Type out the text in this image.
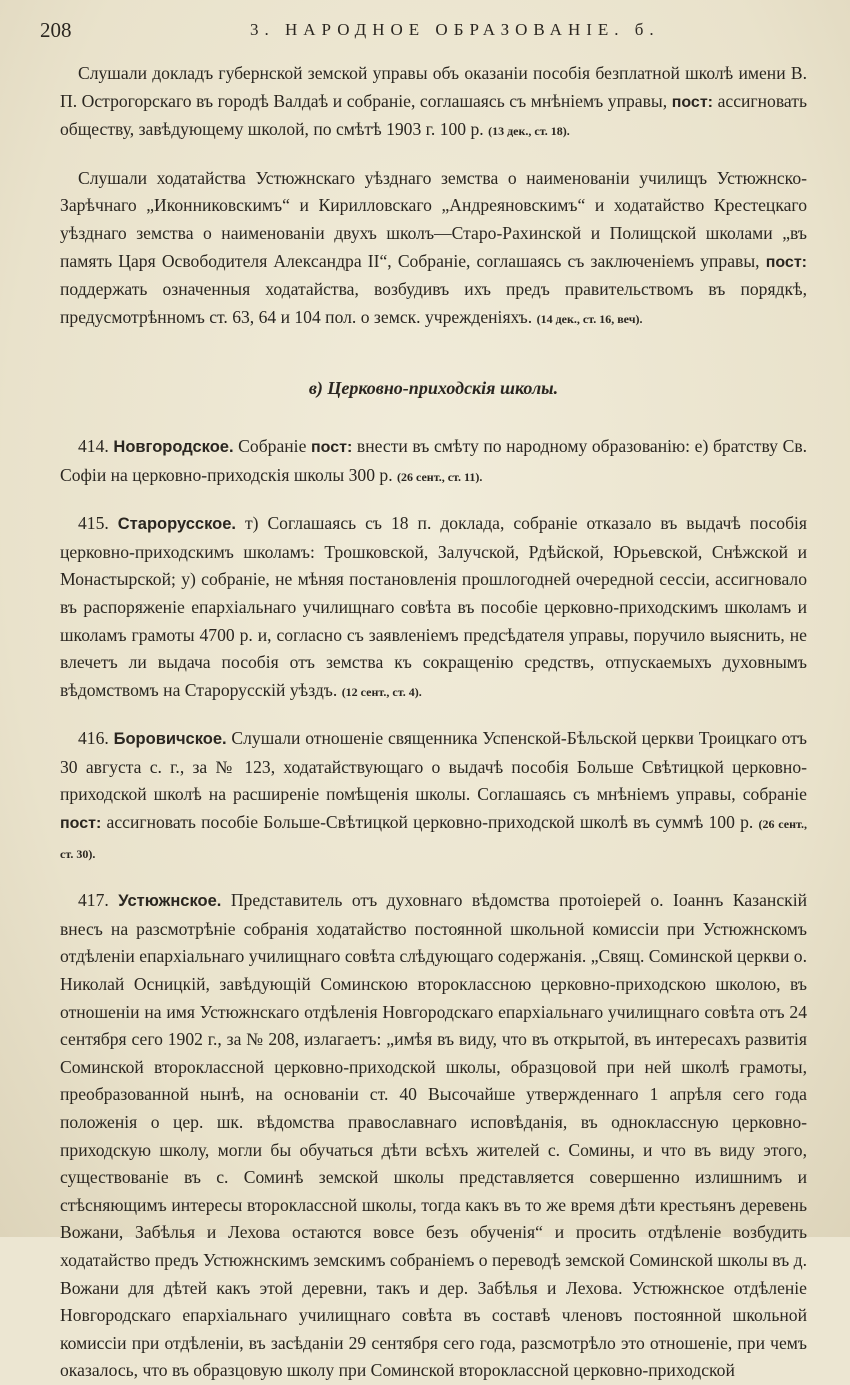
208	3. НАРОДНОЕ ОБРАЗОВАНІЕ. б.

Слушали докладъ губернской земской управы объ оказаніи пособія безплатной школѣ имени В. П. Острогорскаго въ городѣ Валдаѣ и собраніе, соглашаясь съ мнѣніемъ управы, пост: ассигновать обществу, завѣдующему школой, по смѣтѣ 1903 г. 100 р. (13 дек., ст. 18).

Слушали ходатайства Устюжнскаго уѣзднаго земства о наименованіи училищъ Устюжнско-Зарѣчнаго „Иконниковскимъ“ и Кирилловскаго „Андреяновскимъ“ и ходатайство Крестецкаго уѣзднаго земства о наименованіи двухъ школъ—Старо-Рахинской и Полищской школами „въ память Царя Освободителя Александра II“, Собраніе, соглашаясь съ заключеніемъ управы, пост: поддержать означенныя ходатайства, возбудивъ ихъ предъ правительствомъ въ порядкѣ, предусмотрѣнномъ ст. 63, 64 и 104 пол. о земск. учрежденіяхъ. (14 дек., ст. 16, веч).

в) Церковно-приходскія школы.

414. Новгородское. Собраніе пост: внести въ смѣту по народному образованію: е) братству Св. Софіи на церковно-приходскія школы 300 р. (26 сент., ст. 11).

415. Старорусское. т) Соглашаясь съ 18 п. доклада, собраніе отказало въ выдачѣ пособія церковно-приходскимъ школамъ: Трошковской, Залучской, Рдѣйской, Юрьевской, Снѣжской и Монастырской; у) собраніе, не мѣняя постановленія прошлогодней очередной сессіи, ассигновало въ распоряженіе епархіальнаго училищнаго совѣта въ пособіе церковно-приходскимъ школамъ и школамъ грамоты 4700 р. и, согласно съ заявленіемъ предсѣдателя управы, поручило выяснить, не влечетъ ли выдача пособія отъ земства къ сокращенію средствъ, отпускаемыхъ духовнымъ вѣдомствомъ на Старорусскій уѣздъ. (12 сент., ст. 4).

416. Боровичское. Слушали отношеніе священника Успенской-Бѣльской церкви Троицкаго отъ 30 августа с. г., за № 123, ходатайствующаго о выдачѣ пособія Больше Свѣтицкой церковно-приходской школѣ на расширеніе помѣщенія школы. Соглашаясь съ мнѣніемъ управы, собраніе пост: ассигновать пособіе Больше-Свѣтицкой церковно-приходской школѣ въ суммѣ 100 р. (26 сент., ст. 30).

417. Устюжнское. Представитель отъ духовнаго вѣдомства протоіерей о. Іоаннъ Казанскій внесъ на разсмотрѣніе собранія ходатайство постоянной школьной комиссіи при Устюжнскомъ отдѣленіи епархіальнаго училищнаго совѣта слѣдующаго содержанія. „Свящ. Соминской церкви о. Николай Осницкій, завѣдующій Соминскою второклассною церковно-приходскою школою, въ отношеніи на имя Устюжнскаго отдѣленія Новгородскаго епархіальнаго училищнаго совѣта отъ 24 сентября сего 1902 г., за № 208, излагаетъ: „имѣя въ виду, что въ открытой, въ интересахъ развитія Соминской второклассной церковно-приходской школы, образцовой при ней школѣ грамоты, преобразованной нынѣ, на основаніи ст. 40 Высочайше утвержденнаго 1 апрѣля сего года положенія о цер. шк. вѣдомства православнаго исповѣданія, въ одноклассную церковно-приходскую школу, могли бы обучаться дѣти всѣхъ жителей с. Сомины, и что въ виду этого, существованіе въ с. Соминѣ земской школы представляется совершенно излишнимъ и стѣсняющимъ интересы второклассной школы, тогда какъ въ то же время дѣти крестьянъ деревень Вожани, Забѣлья и Лехова остаются вовсе безъ обученія“ и просить отдѣленіе возбудить ходатайство предъ Устюжнскимъ земскимъ собраніемъ о переводѣ земской Соминской школы въ д. Вожани для дѣтей какъ этой деревни, такъ и дер. Забѣлья и Лехова. Устюжнское отдѣленіе Новгородскаго епархіальнаго училищнаго совѣта въ составѣ членовъ постоянной школьной комиссіи при отдѣленіи, въ засѣданіи 29 сентября сего года, разсмотрѣло это отношеніе, при чемъ оказалось, что въ образцовую школу при Соминской второклассной церковно-приходской
